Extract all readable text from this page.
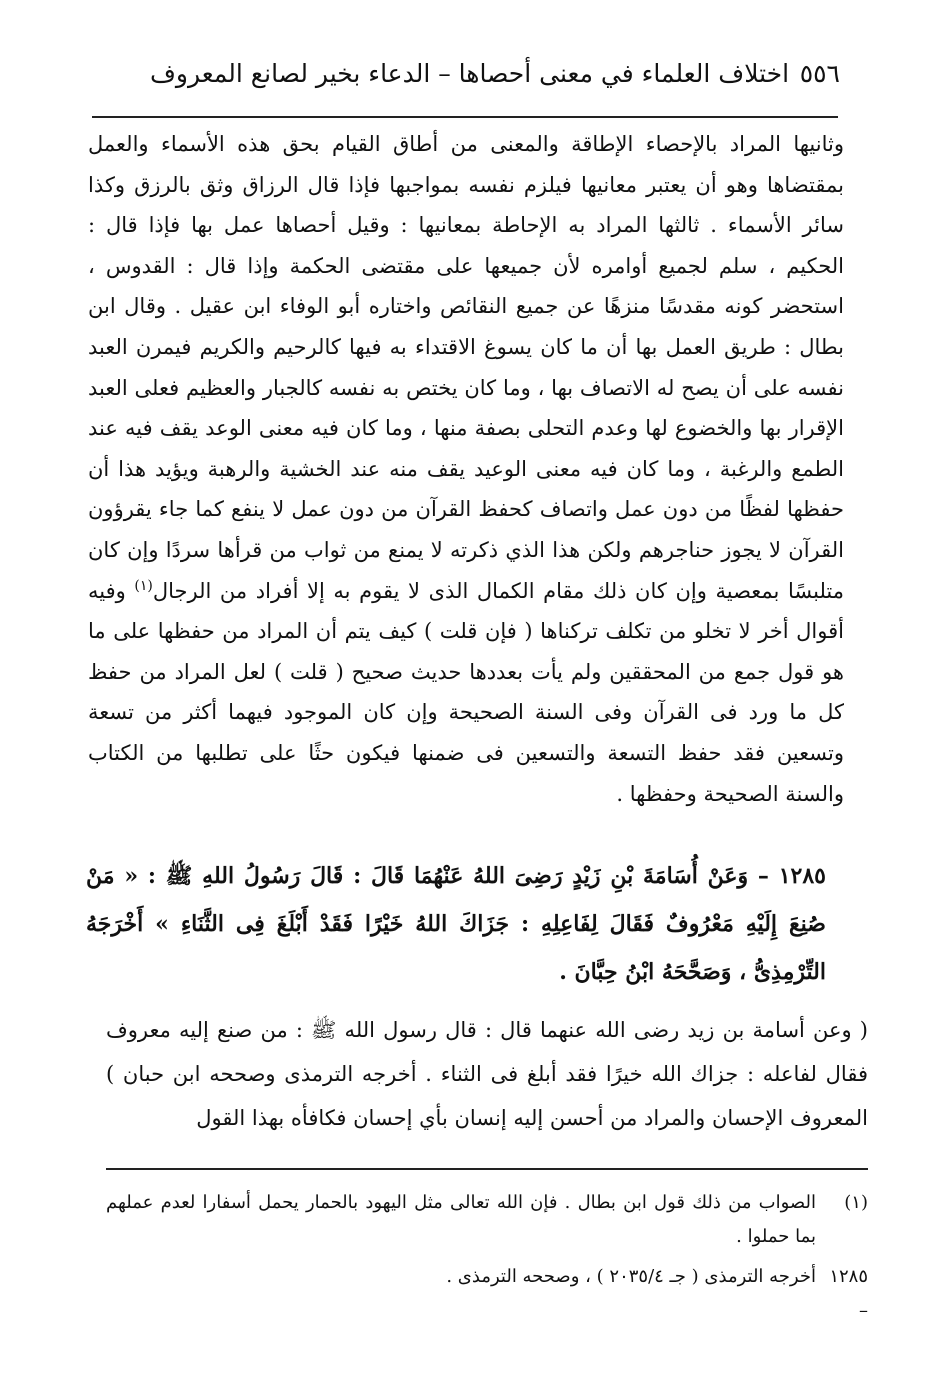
٥٥٦
اختلاف العلماء في معنى أحصاها – الدعاء بخير لصانع المعروف

وثانيها المراد بالإحصاء الإطاقة والمعنى من أطاق القيام بحق هذه الأسماء والعمل بمقتضاها وهو أن يعتبر معانيها فيلزم نفسه بمواجبها فإذا قال الرزاق وثق بالرزق وكذا سائر الأسماء . ثالثها المراد به الإحاطة بمعانيها : وقيل أحصاها عمل بها فإذا قال : الحكيم ، سلم لجميع أوامره لأن جميعها على مقتضى الحكمة وإذا قال : القدوس ، استحضر كونه مقدسًا منزهًا عن جميع النقائص واختاره أبو الوفاء ابن عقيل . وقال ابن بطال : طريق العمل بها أن ما كان يسوغ الاقتداء به فيها كالرحيم والكريم فيمرن العبد نفسه على أن يصح له الاتصاف بها ، وما كان يختص به نفسه كالجبار والعظيم فعلى العبد الإقرار بها والخضوع لها وعدم التحلى بصفة منها ، وما كان فيه معنى الوعد يقف فيه عند الطمع والرغبة ، وما كان فيه معنى الوعيد يقف منه عند الخشية والرهبة ويؤيد هذا أن حفظها لفظًا من دون عمل واتصاف كحفظ القرآن من دون عمل لا ينفع كما جاء يقرؤون القرآن لا يجوز حناجرهم ولكن هذا الذي ذكرته لا يمنع من ثواب من قرأها سردًا وإن كان متلبسًا بمعصية وإن كان ذلك مقام الكمال الذى لا يقوم به إلا أفراد من الرجال$^{(١)}$ وفيه أقوال أخر لا تخلو من تكلف تركناها ( فإن قلت ) كيف يتم أن المراد من حفظها على ما هو قول جمع من المحققين ولم يأت بعددها حديث صحيح ( قلت ) لعل المراد من حفظ كل ما ورد فى القرآن وفى السنة الصحيحة وإن كان الموجود فيهما أكثر من تسعة وتسعين فقد حفظ التسعة والتسعين فى ضمنها فيكون حثًا على تطلبها من الكتاب والسنة الصحيحة وحفظها .

١٢٨٥ – وَعَنْ أُسَامَةَ بْنِ زَيْدٍ رَضِىَ اللهُ عَنْهُمَا قَالَ : قَالَ رَسُولُ اللهِ ﷺ : « مَنْ صُنِعَ إِلَيْهِ مَعْرُوفٌ فَقَالَ لِفَاعِلِهِ : جَزَاكَ اللهُ خَيْرًا فَقَدْ أَبْلَغَ فِى الثَّنَاءِ » أَخْرَجَهُ التِّرْمِذِىُّ ، وَصَحَّحَهُ ابْنُ حِبَّانَ .

( وعن أسامة بن زيد رضى الله عنهما قال : قال رسول الله ﷺ : من صنع إليه معروف فقال لفاعله : جزاك الله خيرًا فقد أبلغ فى الثناء . أخرجه الترمذى وصححه ابن حبان ) المعروف الإحسان والمراد من أحسن إليه إنسان بأي إحسان فكافأه بهذا القول

(١)
الصواب من ذلك قول ابن بطال . فإن الله تعالى مثل اليهود بالحمار يحمل أسفارا لعدم عملهم بما حملوا .
١٢٨٥ –
أخرجه الترمذى ( جـ ٢٠٣٥/٤ ) ، وصححه الترمذى .
